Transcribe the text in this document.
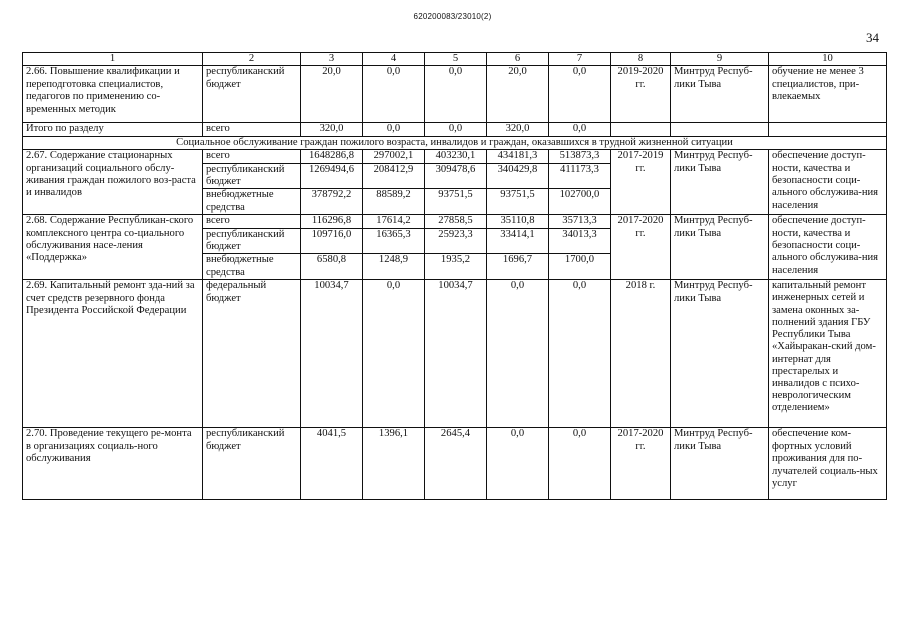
620200083/23010(2)
34
1	2	3	4	5	6	7	8	9	10
2.66. Повышение квалификации и переподготовка специалистов, педагогов по применению со-временных методик	республиканский бюджет	20,0	0,0	0,0	20,0	0,0	2019-2020 гг.	Минтруд Респуб-лики Тыва	обучение не менее 3 специалистов, при-влекаемых
Итого по разделу	всего	320,0	0,0	0,0	320,0	0,0			
Социальное обслуживание граждан пожилого возраста, инвалидов и граждан, оказавшихся в трудной жизненной ситуации									
2.67. Содержание стационарных организаций социального обслу-живания граждан пожилого воз-раста и инвалидов	всего	1648286,8	297002,1	403230,1	434181,3	513873,3	2017-2019 гг.	Минтруд Респуб-лики Тыва	обеспечение доступ-ности, качества и безопасности соци-ального обслужива-ния населения
	республиканский бюджет	1269494,6	208412,9	309478,6	340429,8	411173,3			
	внебюджетные средства	378792,2	88589,2	93751,5	93751,5	102700,0			
2.68. Содержание Республикан-ского комплексного центра со-циального обслуживания насе-ления «Поддержка»	всего	116296,8	17614,2	27858,5	35110,8	35713,3	2017-2020 гг.	Минтруд Респуб-лики Тыва	обеспечение доступ-ности, качества и безопасности соци-ального обслужива-ния населения
	республиканский бюджет	109716,0	16365,3	25923,3	33414,1	34013,3			
	внебюджетные средства	6580,8	1248,9	1935,2	1696,7	1700,0			
2.69. Капитальный ремонт зда-ний за счет средств резервного фонда Президента Российской Федерации	федеральный бюджет	10034,7	0,0	10034,7	0,0	0,0	2018 г.	Минтруд Респуб-лики Тыва	капитальный ремонт инженерных сетей и замена оконных за-полнений здания ГБУ Республики Тыва «Хайыракан-ский дом-интернат для престарелых и инвалидов с психо-неврологическим отделением»
2.70. Проведение текущего ре-монта в организациях социаль-ного обслуживания	республиканский бюджет	4041,5	1396,1	2645,4	0,0	0,0	2017-2020 гг.	Минтруд Респуб-лики Тыва	обеспечение ком-фортных условий проживания для по-лучателей социаль-ных услуг
